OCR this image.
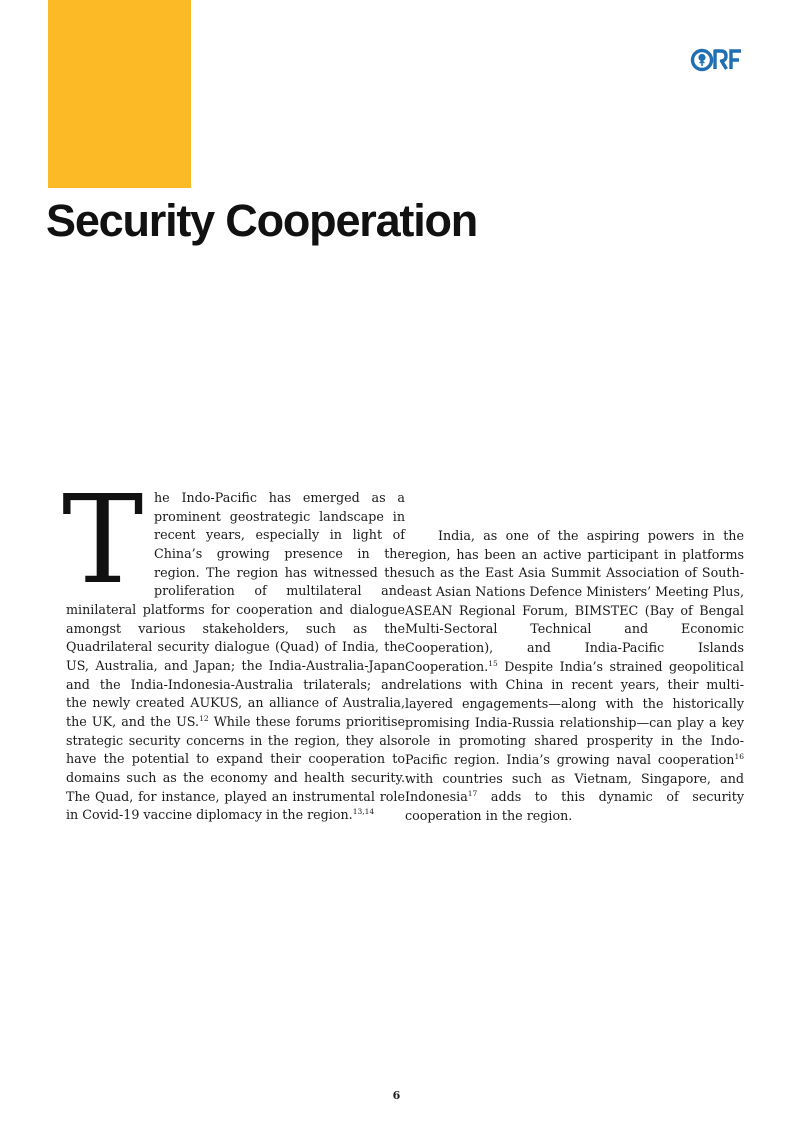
Security Cooperation

The Indo-Pacific has emerged as a prominent geostrategic landscape in recent years, especially in light of China’s growing presence in the region. The region has witnessed the proliferation of multilateral and minilateral platforms for cooperation and dialogue amongst various stakeholders, such as the Quadrilateral security dialogue (Quad) of India, the US, Australia, and Japan; the India-Australia-Japan and the India-Indonesia-Australia trilaterals; and the newly created AUKUS, an alliance of Australia, the UK, and the US.$^{12}$ While these forums prioritise strategic security concerns in the region, they also have the potential to expand their cooperation to domains such as the economy and health security. The Quad, for instance, played an instrumental role in Covid-19 vaccine diplomacy in the region.$^{13,14}$

India, as one of the aspiring powers in the region, has been an active participant in platforms such as the East Asia Summit Association of South-east Asian Nations Defence Ministers’ Meeting Plus, ASEAN Regional Forum, BIMSTEC (Bay of Bengal Multi-Sectoral Technical and Economic Cooperation), and India-Pacific Islands Cooperation.$^{15}$ Despite India’s strained geopolitical relations with China in recent years, their multi-layered engagements—along with the historically promising India-Russia relationship—can play a key role in promoting shared prosperity in the Indo-Pacific region. India’s growing naval cooperation$^{16}$ with countries such as Vietnam, Singapore, and Indonesia$^{17}$ adds to this dynamic of security cooperation in the region.

6
